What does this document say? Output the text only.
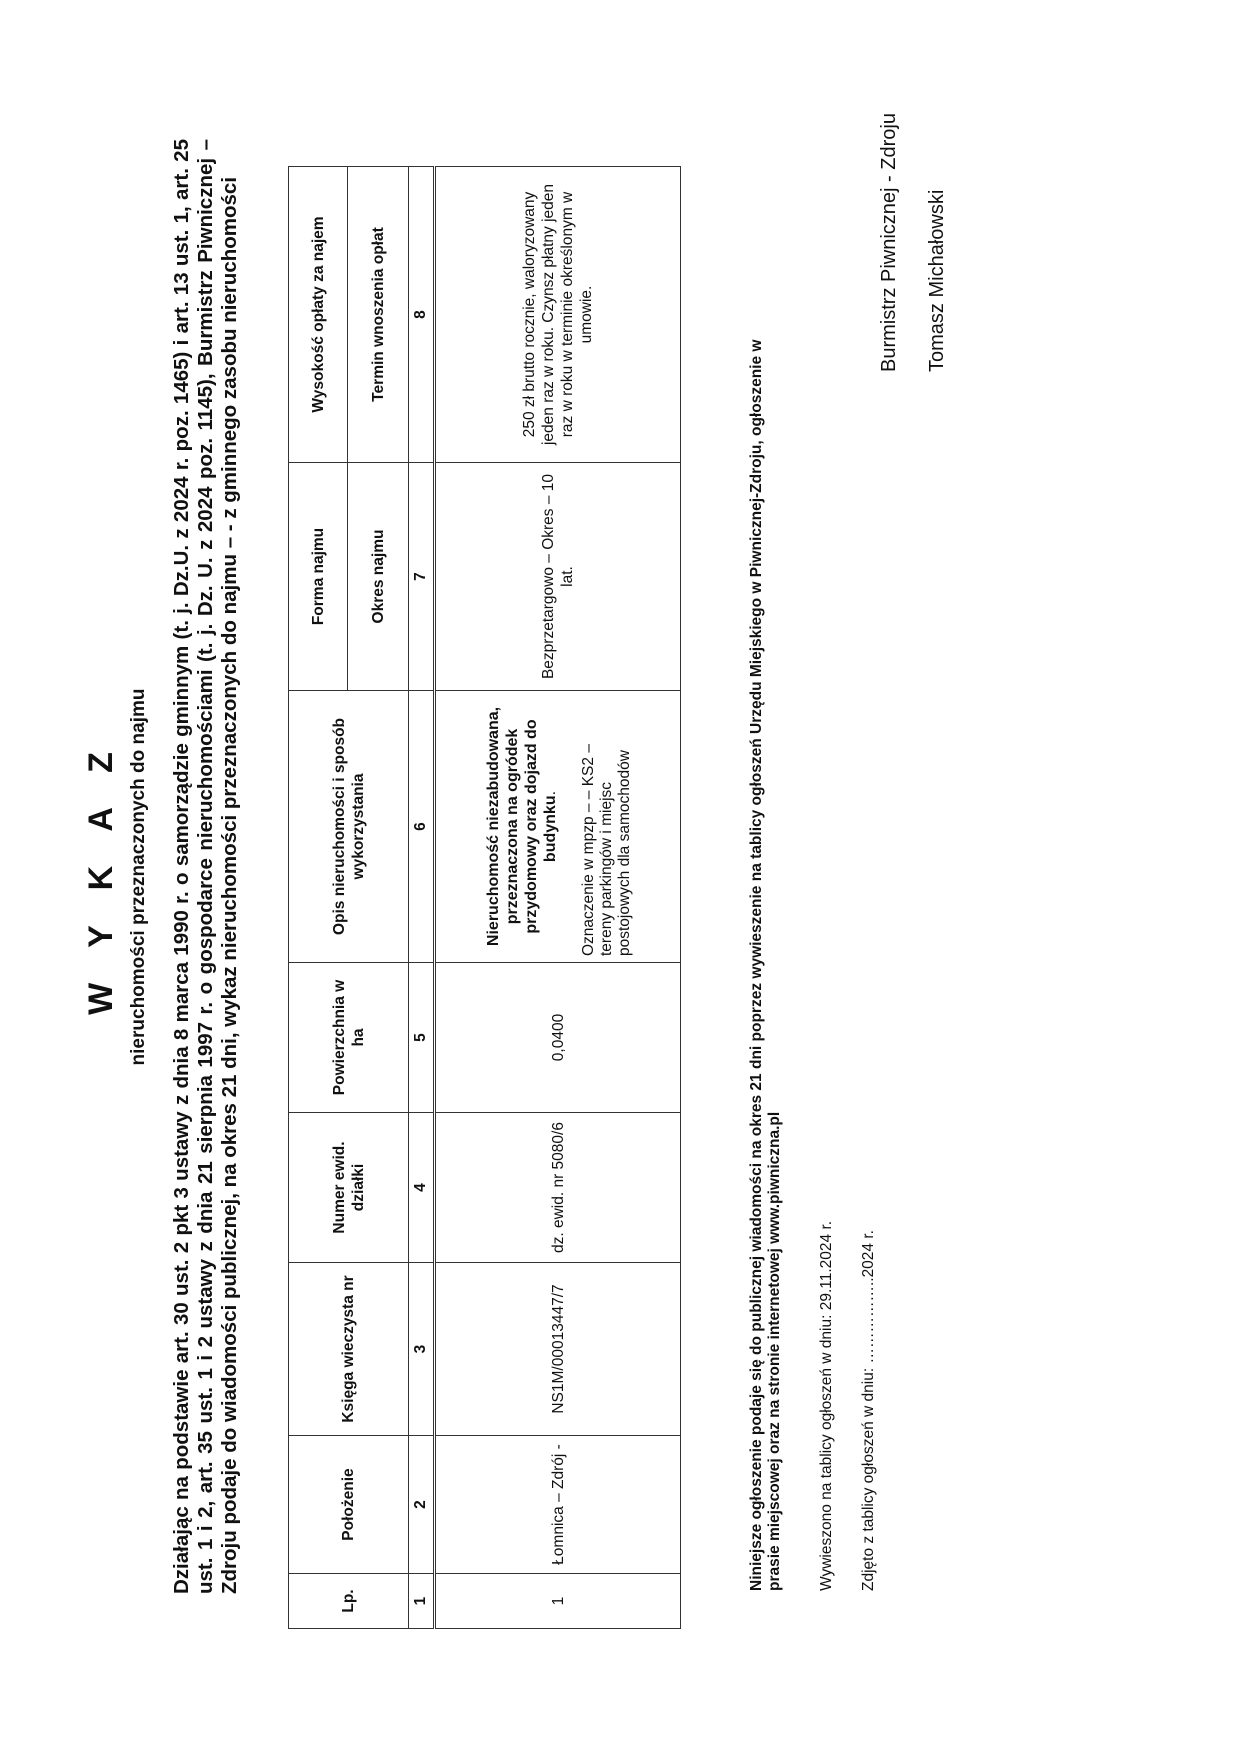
W Y K A Z nieruchomości przeznaczonych do najmu Działając na podstawie art. 30 ust. 2 pkt 3 ustawy z dnia 8 marca 1990 r. o samorządzie gminnym (t. j. Dz.U. z 2024 r. poz. 1465) i art. 13 ust. 1, art. 25 ust. 1 i 2, art. 35 ust. 1 i 2 ustawy z dnia 21 sierpnia 1997 r. o gospodarce nieruchomościami (t. j. Dz. U. z 2024 poz. 1145), Burmistrz Piwnicznej – Zdroju podaje do wiadomości publicznej, na okres 21 dni, wykaz nieruchomości przeznaczonych do najmu – - z gminnego zasobu nieruchomości

Lp.	Położenie	Księga wieczysta nr	Numer ewid. działki	Powierzchnia w ha	Opis nieruchomości i sposób wykorzystania	Forma najmu	Wysokość opłaty za najem
						Okres najmu	Termin wnoszenia opłat
1	2	3	4	5	6	7	8
1	Łomnica – Zdrój -	NS1M/00013447/7	dz. ewid. nr 5080/6	0,0400	Nieruchomość niezabudowana, przeznaczona na ogródek przydomowy oraz dojazd do budynku. Oznaczenie w mpzp – – KS2 – tereny parkingów i miejsc postojowych dla samochodów	Bezprzetargowo – Okres – 10 lat.	250 zł brutto rocznie, waloryzowany jeden raz w roku. Czynsz płatny jeden raz w roku w terminie określonym w umowie.

Niniejsze ogłoszenie podaje się do publicznej wiadomości na okres 21 dni poprzez wywieszenie na tablicy ogłoszeń Urzędu Miejskiego w Piwnicznej-Zdroju, ogłoszenie w prasie miejscowej oraz na stronie internetowej www.piwniczna.pl Wywieszono na tablicy ogłoszeń w dniu: 29.11.2024 r. Zdjęto z tablicy ogłoszeń w dniu: ……………..2024 r.
Burmistrz Piwnicznej - Zdroju Tomasz Michałowski
